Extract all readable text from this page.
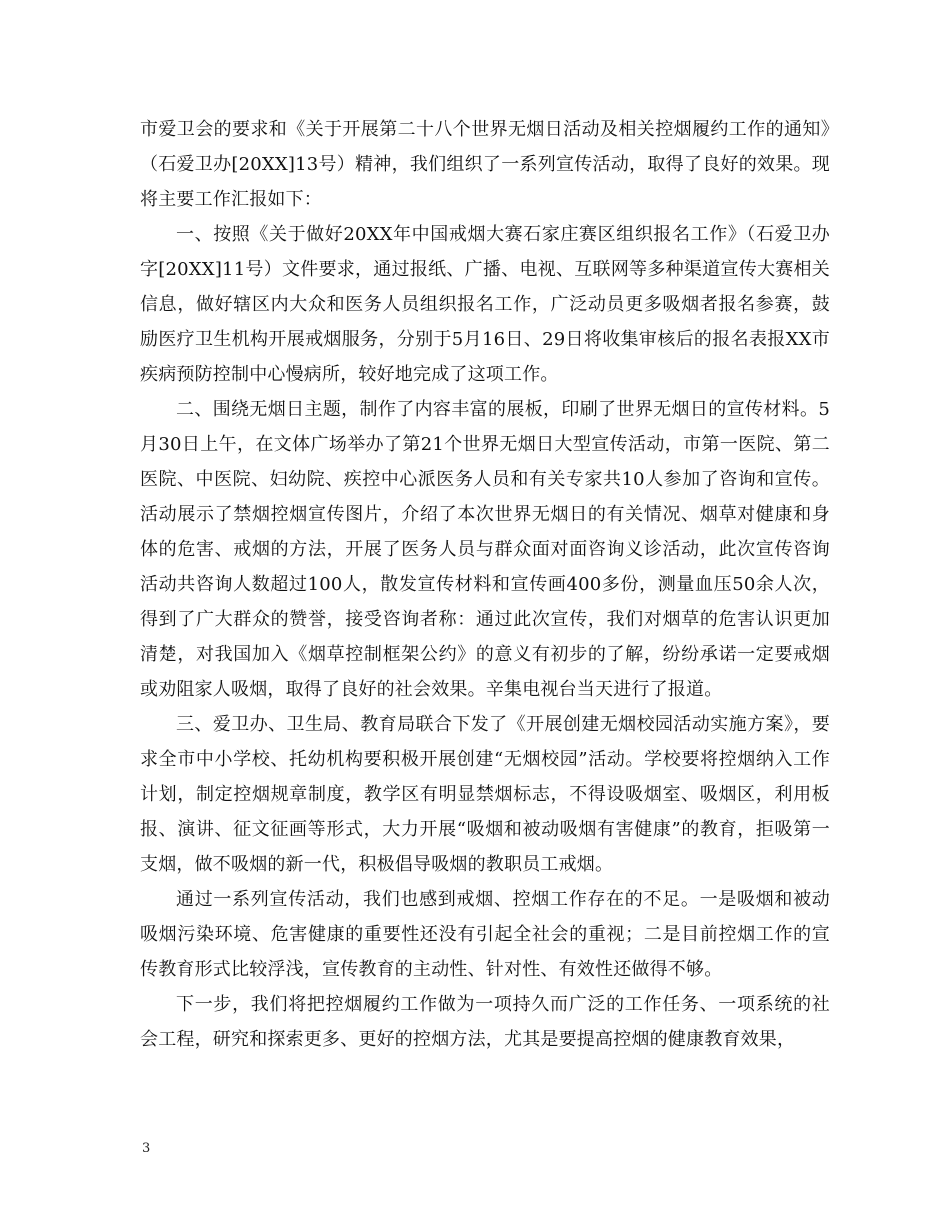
市爱卫会的要求和《关于开展第二十八个世界无烟日活动及相关控烟履约工作的通知》（石爱卫办[20XX]13号）精神，我们组织了一系列宣传活动，取得了良好的效果。现将主要工作汇报如下：

一、按照《关于做好20XX年中国戒烟大赛石家庄赛区组织报名工作》（石爱卫办字[20XX]11号）文件要求，通过报纸、广播、电视、互联网等多种渠道宣传大赛相关信息，做好辖区内大众和医务人员组织报名工作，广泛动员更多吸烟者报名参赛，鼓励医疗卫生机构开展戒烟服务，分别于5月16日、29日将收集审核后的报名表报XX市疾病预防控制中心慢病所，较好地完成了这项工作。

二、围绕无烟日主题，制作了内容丰富的展板，印刷了世界无烟日的宣传材料。5月30日上午，在文体广场举办了第21个世界无烟日大型宣传活动，市第一医院、第二医院、中医院、妇幼院、疾控中心派医务人员和有关专家共10人参加了咨询和宣传。活动展示了禁烟控烟宣传图片，介绍了本次世界无烟日的有关情况、烟草对健康和身体的危害、戒烟的方法，开展了医务人员与群众面对面咨询义诊活动，此次宣传咨询活动共咨询人数超过100人，散发宣传材料和宣传画400多份，测量血压50余人次，得到了广大群众的赞誉，接受咨询者称：通过此次宣传，我们对烟草的危害认识更加清楚，对我国加入《烟草控制框架公约》的意义有初步的了解，纷纷承诺一定要戒烟或劝阻家人吸烟，取得了良好的社会效果。辛集电视台当天进行了报道。

三、爱卫办、卫生局、教育局联合下发了《开展创建无烟校园活动实施方案》，要求全市中小学校、托幼机构要积极开展创建“无烟校园”活动。学校要将控烟纳入工作计划，制定控烟规章制度，教学区有明显禁烟标志，不得设吸烟室、吸烟区，利用板报、演讲、征文征画等形式，大力开展“吸烟和被动吸烟有害健康”的教育，拒吸第一支烟，做不吸烟的新一代，积极倡导吸烟的教职员工戒烟。

通过一系列宣传活动，我们也感到戒烟、控烟工作存在的不足。一是吸烟和被动吸烟污染环境、危害健康的重要性还没有引起全社会的重视；二是目前控烟工作的宣传教育形式比较浮浅，宣传教育的主动性、针对性、有效性还做得不够。

下一步，我们将把控烟履约工作做为一项持久而广泛的工作任务、一项系统的社会工程，研究和探索更多、更好的控烟方法，尤其是要提高控烟的健康教育效果，

3
